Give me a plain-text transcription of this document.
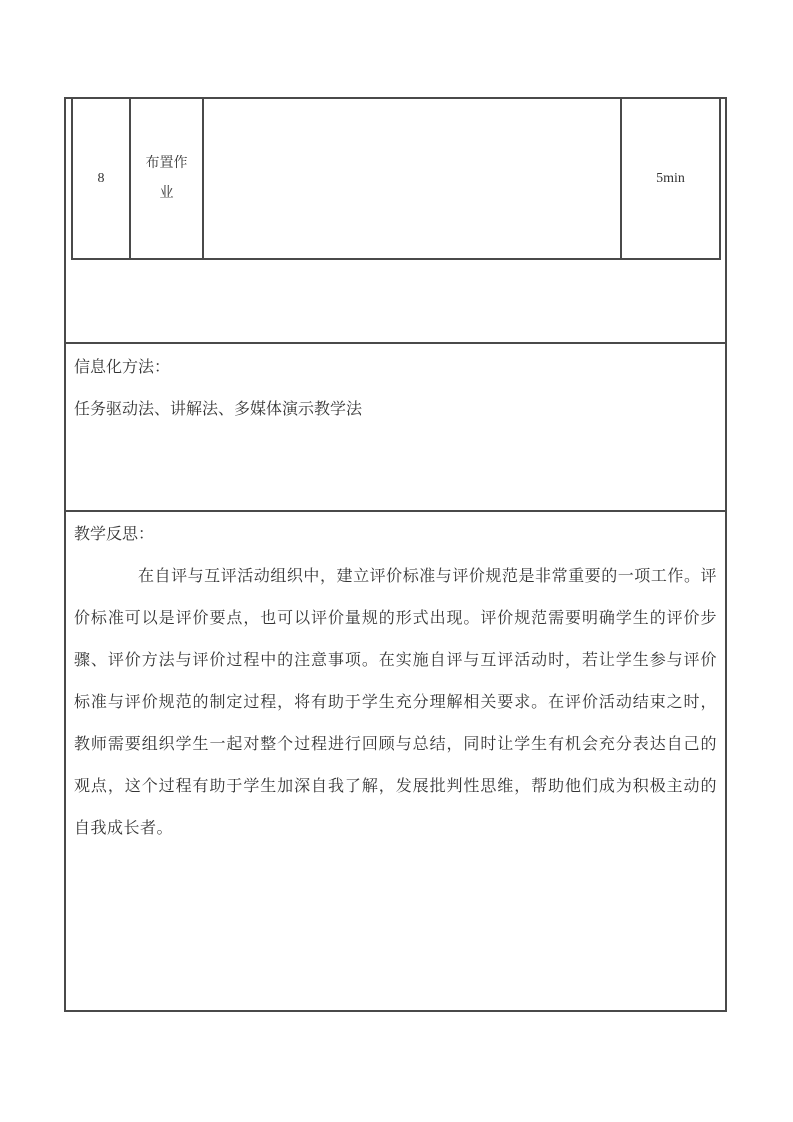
8
布置作业
5min
信息化方法：
任务驱动法、讲解法、多媒体演示教学法
教学反思：

在自评与互评活动组织中，建立评价标准与评价规范是非常重要的一项工作。评价标准可以是评价要点，也可以评价量规的形式出现。评价规范需要明确学生的评价步骤、评价方法与评价过程中的注意事项。在实施自评与互评活动时，若让学生参与评价标准与评价规范的制定过程，将有助于学生充分理解相关要求。在评价活动结束之时，教师需要组织学生一起对整个过程进行回顾与总结，同时让学生有机会充分表达自己的观点，这个过程有助于学生加深自我了解，发展批判性思维，帮助他们成为积极主动的自我成长者。
